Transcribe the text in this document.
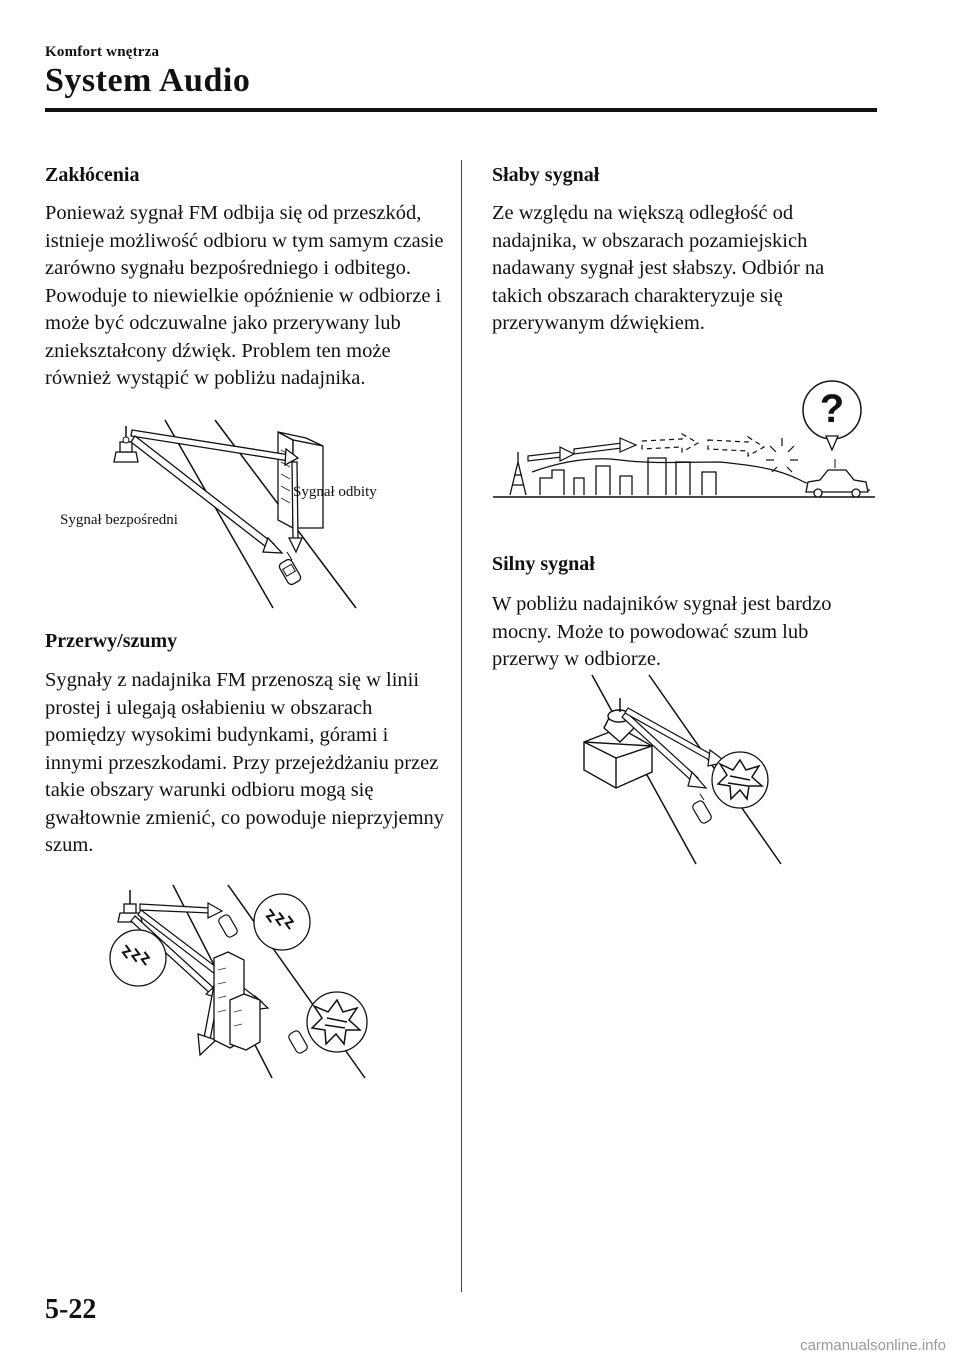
Komfort wnętrza
System Audio
Zakłócenia

Ponieważ sygnał FM odbija się od przeszkód, istnieje możliwość odbioru w tym samym czasie zarówno sygnału bezpośredniego i odbitego. Powoduje to niewielkie opóźnienie w odbiorze i może być odczuwalne jako przerywany lub zniekształcony dźwięk. Problem ten może również wystąpić w pobliżu nadajnika.

Sygnał bezpośredni
Sygnał odbity
Przerwy/szumy

Sygnały z nadajnika FM przenoszą się w linii prostej i ulegają osłabieniu w obszarach pomiędzy wysokimi budynkami, górami i innymi przeszkodami. Przy przejeżdżaniu przez takie obszary warunki odbioru mogą się gwałtownie zmienić, co powoduje nieprzyjemny szum.

Słaby sygnał

Ze względu na większą odległość od nadajnika, w obszarach pozamiejskich nadawany sygnał jest słabszy. Odbiór na takich obszarach charakteryzuje się przerywanym dźwiękiem.

?
Silny sygnał

W pobliżu nadajników sygnał jest bardzo mocny. Może to powodować szum lub przerwy w odbiorze.

5-22
carmanualsonline.info
